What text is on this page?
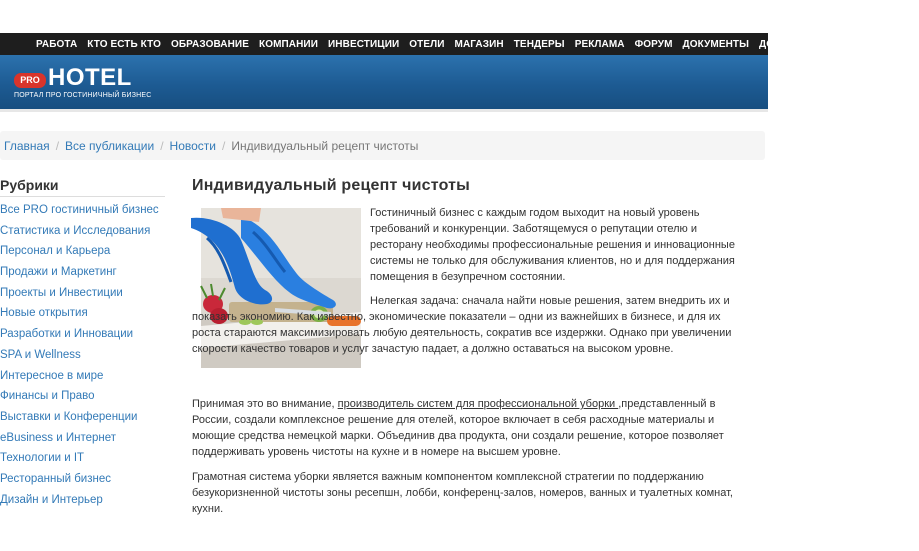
РАБОТА КТО ЕСТЬ КТО ОБРАЗОВАНИЕ КОМПАНИИ ИНВЕСТИЦИИ ОТЕЛИ МАГАЗИН ТЕНДЕРЫ РЕКЛАМА ФОРУМ ДОКУМЕНТЫ ДОСТОПРИМЕЧАТЕЛЬНОСТИ
PRO HOTEL
ПОРТАЛ ПРО ГОСТИНИЧНЫЙ БИЗНЕС
Главная / Все публикации / Новости / Индивидуальный рецепт чистоты
Рубрики
Все PRO гостиничный бизнес
Статистика и Исследования
Персонал и Карьера
Продажи и Маркетинг
Проекты и Инвестиции
Новые открытия
Разработки и Инновации
SPA и Wellness
Интересное в мире
Финансы и Право
Выставки и Конференции
eBusiness и Интернет
Технологии и IT
Ресторанный бизнес
Дизайн и Интерьер
Индивидуальный рецепт чистоты

Гостиничный бизнес с каждым годом выходит на новый уровень требований и конкуренции. Заботящемуся о репутации отелю и ресторану необходимы профессиональные решения и инновационные системы не только для обслуживания клиентов, но и для поддержания помещения в безупречном состоянии.

Нелегкая задача: сначала найти новые решения, затем внедрить их и показать экономию. Как известно, экономические показатели – одни из важнейших в бизнесе, и для их роста стараются максимизировать любую деятельность, сократив все издержки. Однако при увеличении скорости качество товаров и услуг зачастую падает, а должно оставаться на высоком уровне.

Принимая это во внимание, производитель систем для профессиональной уборки ,представленный в России, создали комплексное решение для отелей, которое включает в себя расходные материалы и моющие средства немецкой марки. Объединив два продукта, они создали решение, которое позволяет поддерживать уровень чистоты на кухне и в номере на высшем уровне.

Грамотная система уборки является важным компонентом комплексной стратегии по поддержанию безукоризненной чистоты зоны ресепшн, лобби, конференц-залов, номеров, ванных и туалетных комнат, кухни.
